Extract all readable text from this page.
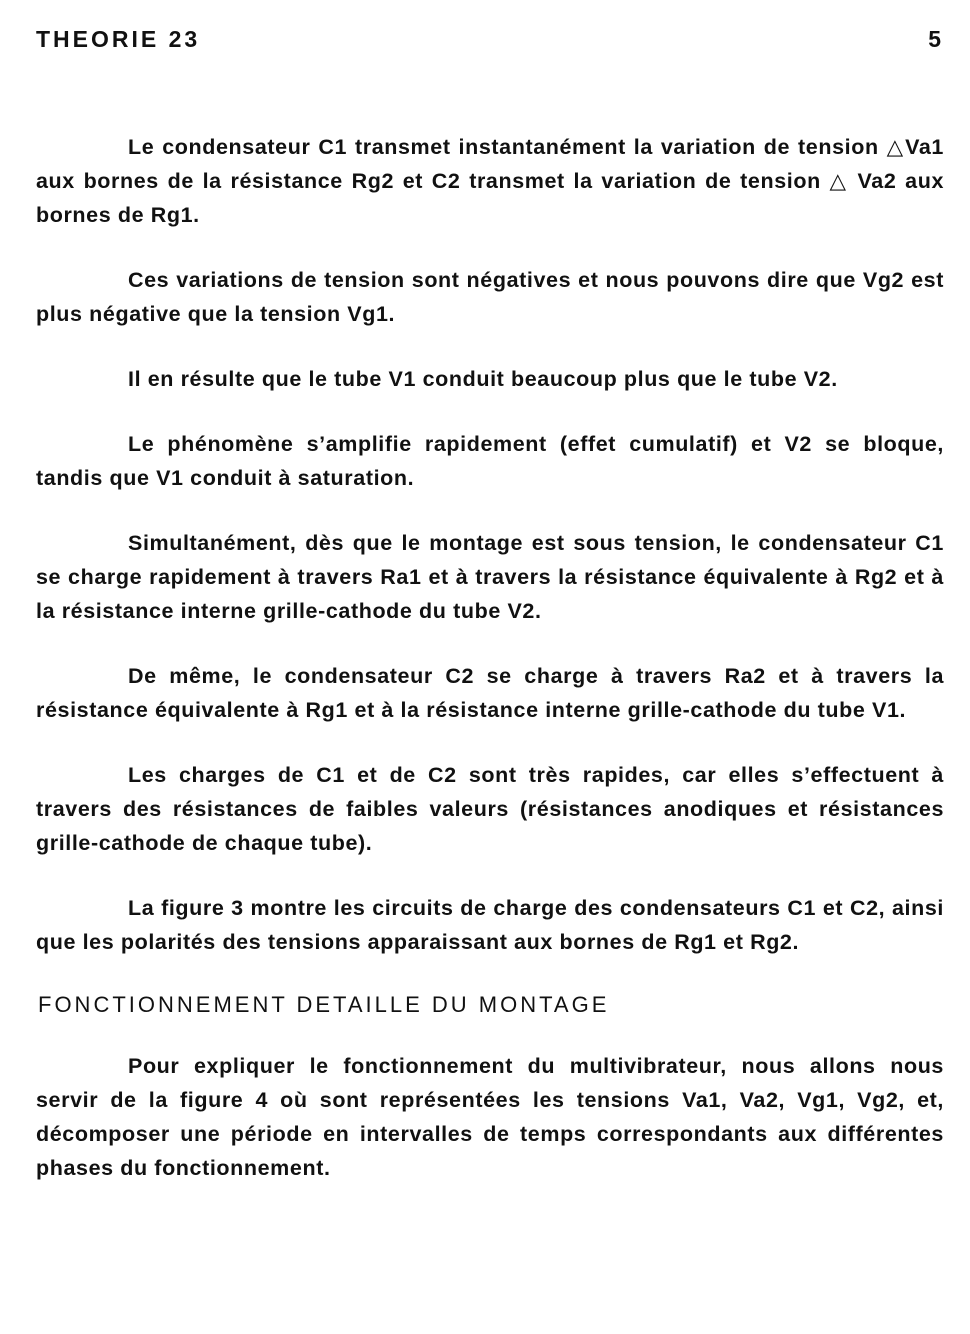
THEORIE 23	5

Le condensateur C1 transmet instantanément la variation de tension △Va1 aux bornes de la résistance Rg2 et C2 transmet la variation de tension △ Va2 aux bornes de Rg1.

Ces variations de tension sont négatives et nous pouvons dire que Vg2 est plus négative que la tension Vg1.

Il en résulte que le tube V1 conduit beaucoup plus que le tube V2.

Le phénomène s’amplifie rapidement (effet cumulatif) et V2 se bloque, tandis que V1 conduit à saturation.

Simultanément, dès que le montage est sous tension, le condensateur C1 se charge rapidement à travers Ra1 et à travers la résistance équivalente à Rg2 et à la résistance interne grille-cathode du tube V2.

De même, le condensateur C2 se charge à travers Ra2 et à travers la résistance équivalente à Rg1 et à la résistance interne grille-cathode du tube V1.

Les charges de C1 et de C2 sont très rapides, car elles s’effectuent à travers des résistances de faibles valeurs (résistances anodiques et résistances grille-cathode de chaque tube).

La figure 3 montre les circuits de charge des condensateurs C1 et C2, ainsi que les polarités des tensions apparaissant aux bornes de Rg1 et Rg2.

FONCTIONNEMENT DETAILLE DU MONTAGE

Pour expliquer le fonctionnement du multivibrateur, nous allons nous servir de la figure 4 où sont représentées les tensions Va1, Va2, Vg1, Vg2, et, décomposer une période en intervalles de temps correspondants aux différentes phases du fonctionnement.
